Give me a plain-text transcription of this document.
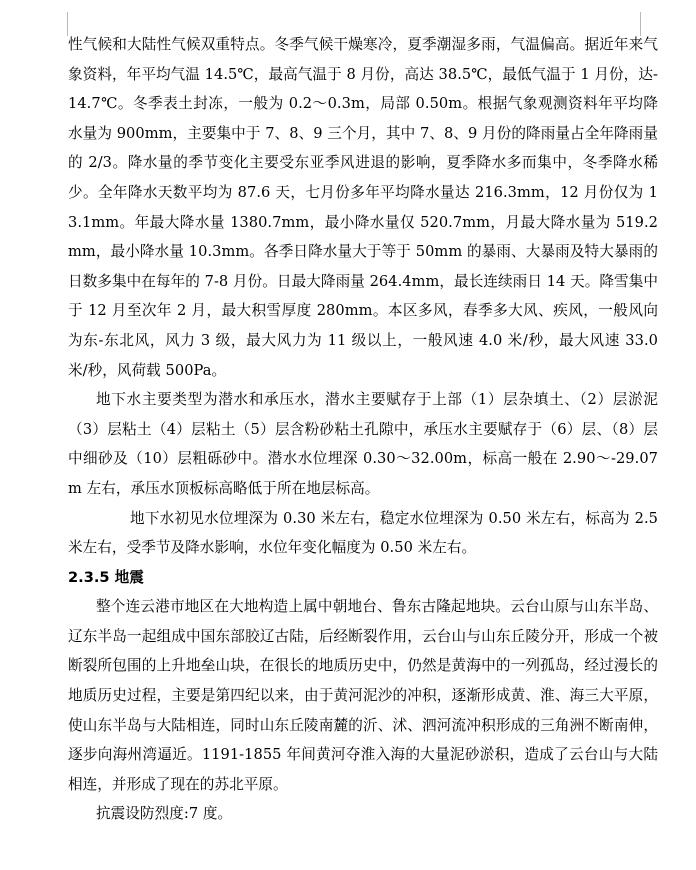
性气候和大陆性气候双重特点。冬季气候干燥寒冷，夏季潮湿多雨，气温偏高。据近年来气象资料，年平均气温 14.5℃，最高气温于 8 月份，高达 38.5℃，最低气温于 1 月份，达-14.7℃。冬季表土封冻，一般为 0.2～0.3m，局部 0.50m。根据气象观测资料年平均降水量为 900mm，主要集中于 7、8、9 三个月，其中 7、8、9 月份的降雨量占全年降雨量的 2/3。降水量的季节变化主要受东亚季风进退的影响，夏季降水多而集中，冬季降水稀少。全年降水天数平均为 87.6 天，七月份多年平均降水量达 216.3mm，12 月份仅为 13.1mm。年最大降水量 1380.7mm，最小降水量仅 520.7mm，月最大降水量为 519.2mm，最小降水量 10.3mm。各季日降水量大于等于 50mm 的暴雨、大暴雨及特大暴雨的日数多集中在每年的 7-8 月份。日最大降雨量 264.4mm，最长连续雨日 14 天。降雪集中于 12 月至次年 2 月，最大积雪厚度 280mm。本区多风，春季多大风、疾风，一般风向为东-东北风，风力 3 级，最大风力为 11 级以上，一般风速 4.0 米/秒，最大风速 33.0 米/秒，风荷载 500Pa。

地下水主要类型为潜水和承压水，潜水主要赋存于上部（1）层杂填土、（2）层淤泥（3）层粘土（4）层粘土（5）层含粉砂粘土孔隙中，承压水主要赋存于（6）层、（8）层中细砂及（10）层粗砾砂中。潜水水位埋深 0.30～32.00m，标高一般在 2.90～-29.07m 左右，承压水顶板标高略低于所在地层标高。

地下水初见水位埋深为 0.30 米左右，稳定水位埋深为 0.50 米左右，标高为 2.5 米左右，受季节及降水影响，水位年变化幅度为 0.50 米左右。

2.3.5 地震

整个连云港市地区在大地构造上属中朝地台、鲁东古隆起地块。云台山原与山东半岛、辽东半岛一起组成中国东部胶辽古陆，后经断裂作用，云台山与山东丘陵分开，形成一个被断裂所包围的上升地垒山块，在很长的地质历史中，仍然是黄海中的一列孤岛，经过漫长的地质历史过程，主要是第四纪以来，由于黄河泥沙的冲积，逐渐形成黄、淮、海三大平原，使山东半岛与大陆相连，同时山东丘陵南麓的沂、沭、泗河流冲积形成的三角洲不断南伸，逐步向海州湾逼近。1191-1855 年间黄河夺淮入海的大量泥砂淤积，造成了云台山与大陆相连，并形成了现在的苏北平原。

抗震设防烈度:7 度。
